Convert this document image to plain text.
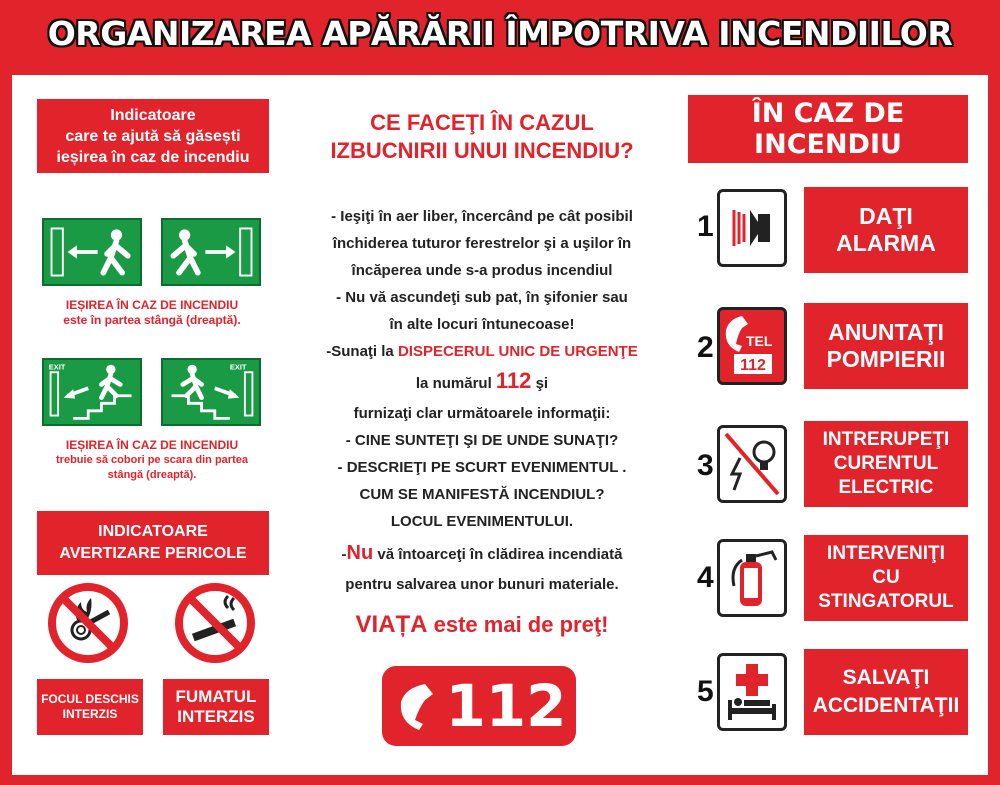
ORGANIZAREA APĂRĂRII ÎMPOTRIVA INCENDIILOR
Indicatoare
care te ajută să găsești
ieșirea în caz de incendiu
IEȘIREA ÎN CAZ DE INCENDIU
este în partea stângă (dreaptă).
EXIT	EXIT
IEȘIREA ÎN CAZ DE INCENDIU
trebuie să cobori pe scara din partea
stângă (dreaptă).
INDICATOARE
AVERTIZARE PERICOLE
FOCUL DESCHIS
INTERZIS
FUMATUL
INTERZIS
CE FACEŢI ÎN CAZUL
IZBUCNIRII UNUI INCENDIU?
- Ieşiţi în aer liber, încercând pe cât posibil
închiderea tuturor ferestrelor şi a uşilor în
încăperea unde s-a produs incendiul
- Nu vă ascundeţi sub pat, în şifonier sau
în alte locuri întunecoase!
-Sunaţi la DISPECERUL UNIC DE URGENŢE
la numărul 112 şi
furnizaţi clar următoarele informaţii:
- CINE SUNTEŢI ŞI DE UNDE SUNAŢI?
- DESCRIEŢI PE SCURT EVENIMENTUL .
CUM SE MANIFESTĂ INCENDIUL?
LOCUL EVENIMENTULUI.
-Nu vă întoarceţi în clădirea incendiată
pentru salvarea unor bunuri materiale.
VIAȚA este mai de preţ!
112
ÎN CAZ DE INCENDIU
1	DAŢI
ALARMA
2 TEL
112
ANUNTAŢI
POMPIERII
3
INTRERUPEŢI
CURENTUL
ELECTRIC
4
INTERVENIŢI
CU
STINGATORUL
5	SALVAŢI
ACCIDENTAŢII
